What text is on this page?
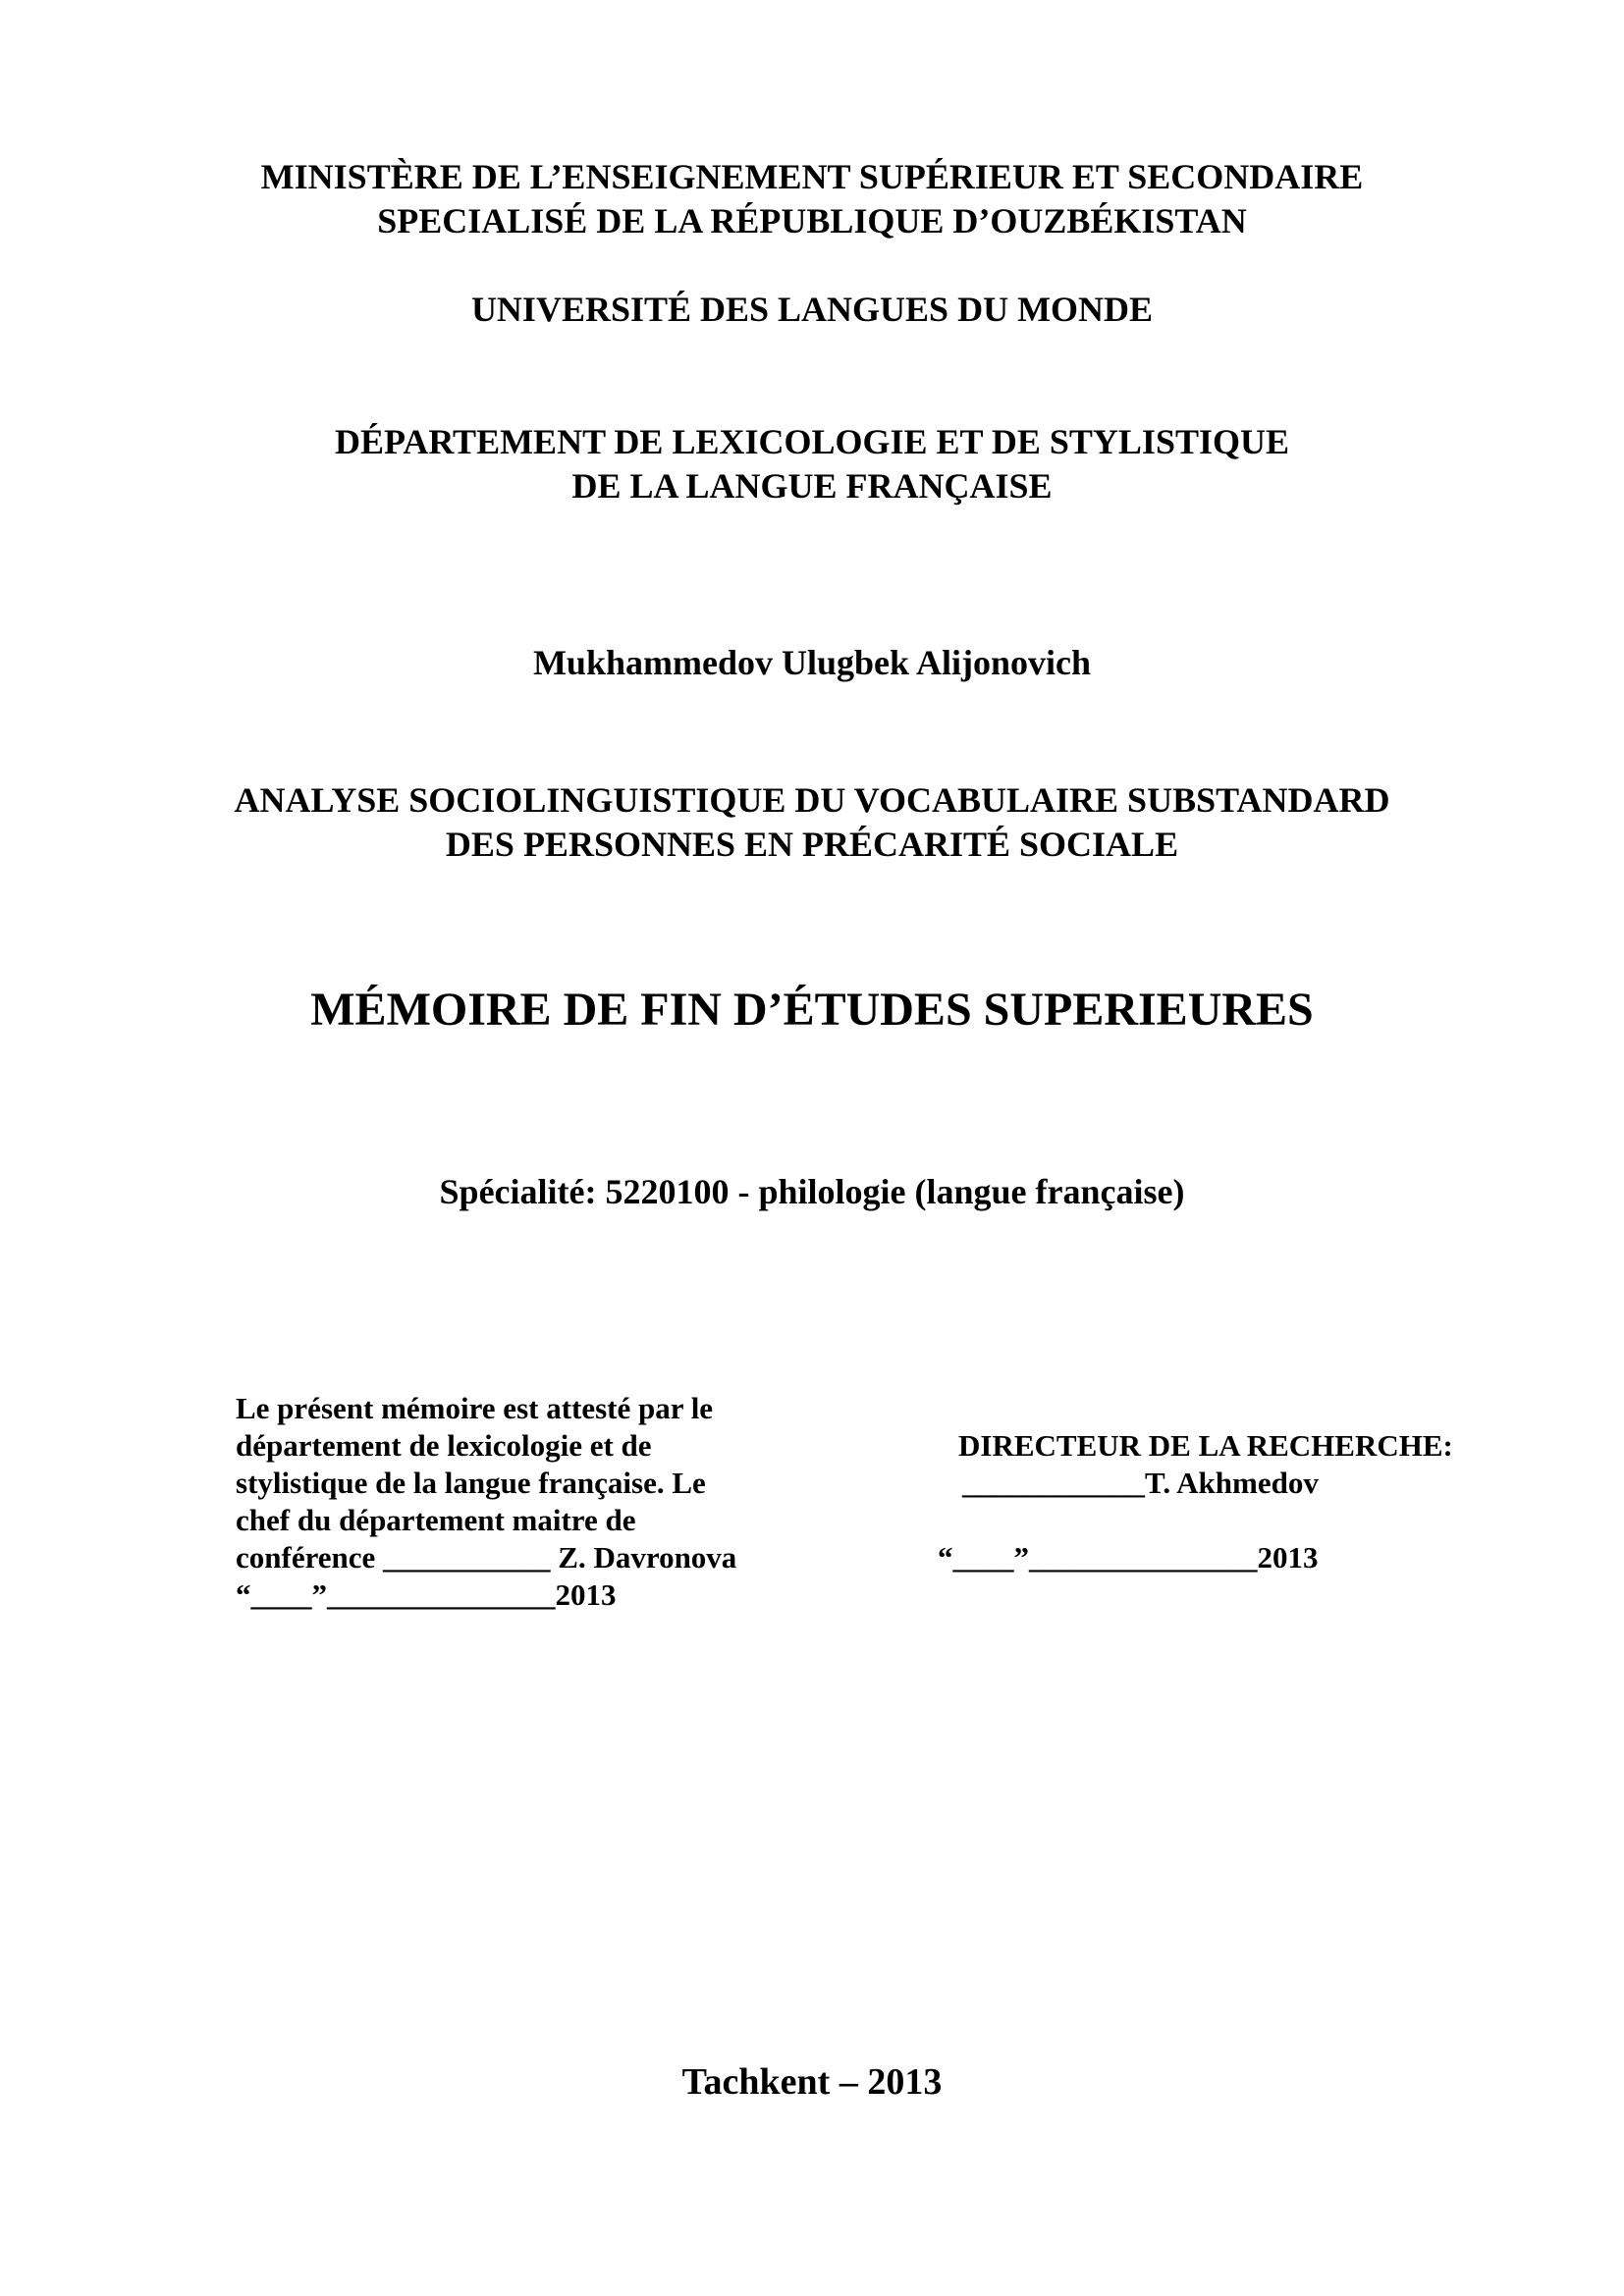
MINISTÈRE DE L’ENSEIGNEMENT SUPÉRIEUR ET SECONDAIRE
SPECIALISÉ DE LA RÉPUBLIQUE D’OUZBÉKISTAN
UNIVERSITÉ DES LANGUES DU MONDE
DÉPARTEMENT DE LEXICOLOGIE ET DE STYLISTIQUE
DE LA LANGUE FRANÇAISE
Mukhammedov Ulugbek Alijonovich
ANALYSE SOCIOLINGUISTIQUE DU VOCABULAIRE SUBSTANDARD
DES PERSONNES EN PRÉCARITÉ SOCIALE
MÉMOIRE DE FIN D’ÉTUDES SUPERIEURES
Spécialité: 5220100 - philologie (langue française)
Le présent mémoire est attesté par le
département de lexicologie et de
stylistique de la langue française. Le
chef du département maitre de
conférence ___________ Z. Davronova
“____”_______________2013
DIRECTEUR DE LA RECHERCHE:
____________T. Akhmedov
“____”_______________2013
Tachkent – 2013
